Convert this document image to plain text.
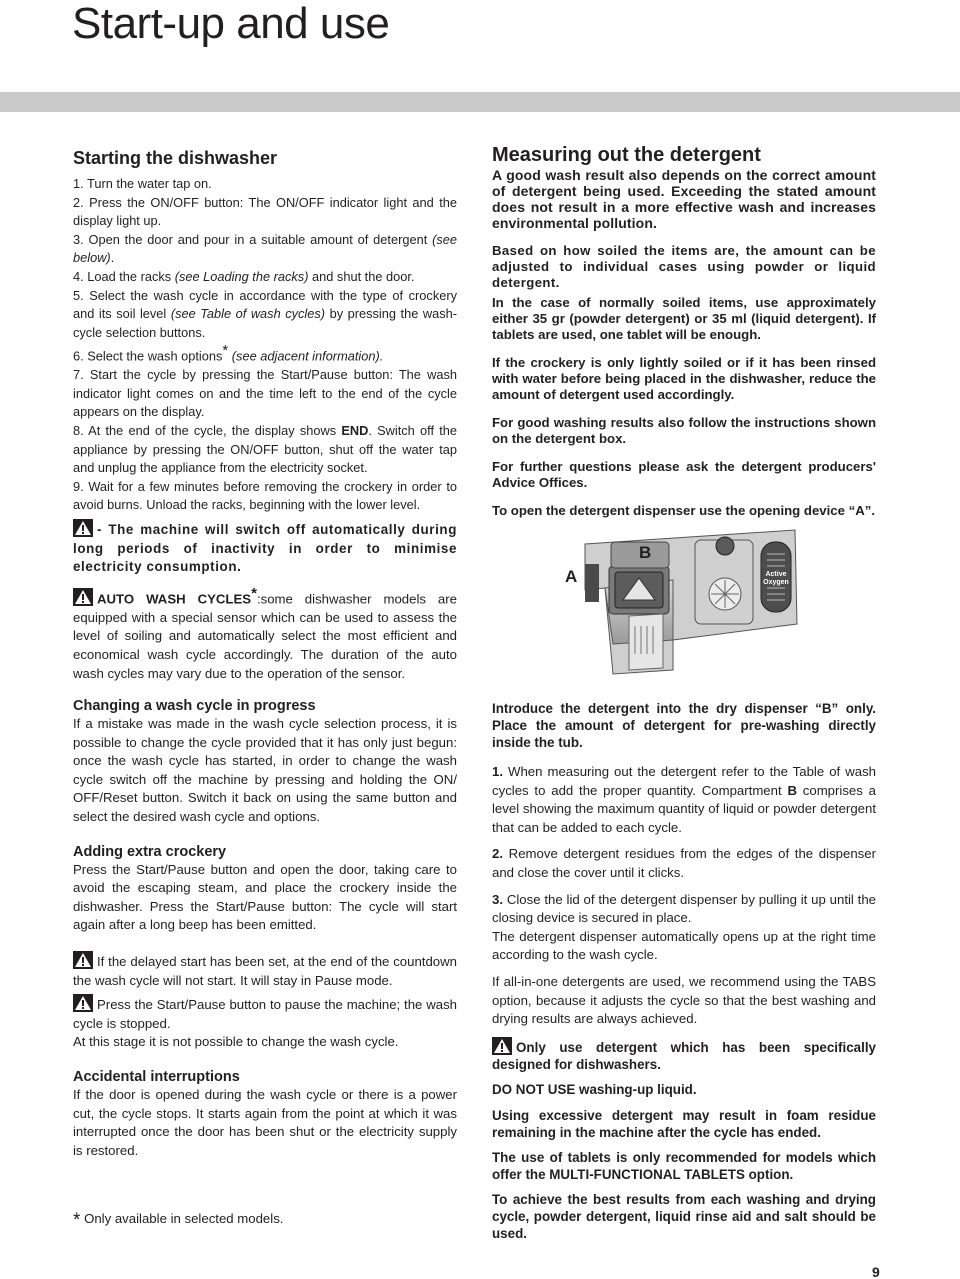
Start-up and use
Starting the dishwasher
1. Turn the water tap on.
2. Press the ON/OFF button: The ON/OFF indicator light and the display light up.
3. Open the door and pour in a suitable amount of detergent (see below).
4. Load the racks (see Loading the racks) and shut the door.
5. Select the wash cycle in accordance with the type of crockery and its soil level (see Table of wash cycles) by pressing the wash-cycle selection buttons.
6. Select the wash options* (see adjacent information).
7. Start the cycle by pressing the Start/Pause button: The wash indicator light comes on and the time left to the end of the cycle appears on the display.
8. At the end of the cycle, the display shows END. Switch off the appliance by pressing the ON/OFF button, shut off the water tap and unplug the appliance from the electricity socket.
9. Wait for a few minutes before removing the crockery in order to avoid burns. Unload the racks, beginning with the lower level.
- The machine will switch off automatically during long periods of inactivity in order to minimise electricity consumption.
AUTO WASH CYCLES*:some dishwasher models are equipped with a special sensor which can be used to assess the level of soiling and automatically select the most efficient and economical wash cycle accordingly. The duration of the auto wash cycles may vary due to the operation of the sensor.
Changing a wash cycle in progress
If a mistake was made in the wash cycle selection process, it is possible to change the cycle provided that it has only just begun: once the wash cycle has started, in order to change the wash cycle switch off the machine by pressing and holding the ON/ OFF/Reset button. Switch it back on using the same button and select the desired wash cycle and options.
Adding extra crockery
Press the Start/Pause button and open the door, taking care to avoid the escaping steam, and place the crockery inside the dishwasher. Press the Start/Pause button: The cycle will start again after a long beep has been emitted.
If the delayed start has been set, at the end of the countdown the wash cycle will not start. It will stay in Pause mode.
Press the Start/Pause button to pause the machine; the wash cycle is stopped.
At this stage it is not possible to change the wash cycle.
Accidental interruptions
If the door is opened during the wash cycle or there is a power cut, the cycle stops. It starts again from the point at which it was interrupted once the door has been shut or the electricity supply is restored.
* Only available in selected models.
Measuring out the detergent
A good wash result also depends on the correct amount of detergent being used. Exceeding the stated amount does not result in a more effective wash and increases environmental pollution.
Based on how soiled the items are, the amount can be adjusted to individual cases using powder or liquid detergent.
In the case of normally soiled items, use approximately either 35 gr (powder detergent) or 35 ml (liquid detergent). If tablets are used, one tablet will be enough.
If the crockery is only lightly soiled or if it has been rinsed with water before being placed in the dishwasher, reduce the amount of detergent used accordingly.
For good washing results also follow the instructions shown on the detergent box.
For further questions please ask the detergent producers' Advice Offices.
To open the detergent dispenser use the opening device “A”.
A
B
Active
Oxygen
Introduce the detergent into the dry dispenser “B” only. Place the amount of detergent for pre-washing directly inside the tub.
1. When measuring out the detergent refer to the Table of wash cycles to add the proper quantity. Compartment B comprises a level showing the maximum quantity of liquid or powder detergent that can be added to each cycle.
2. Remove detergent residues from the edges of the dispenser and close the cover until it clicks.
3. Close the lid of the detergent dispenser by pulling it up until the closing device is secured in place.
The detergent dispenser automatically opens up at the right time according to the wash cycle.
If all-in-one detergents are used, we recommend using the TABS option, because it adjusts the cycle so that the best washing and drying results are always achieved.
Only use detergent which has been specifically designed for dishwashers.
DO NOT USE washing-up liquid.
Using excessive detergent may result in foam residue remaining in the machine after the cycle has ended.
The use of tablets is only recommended for models which offer the MULTI-FUNCTIONAL TABLETS option.
To achieve the best results from each washing and drying cycle, powder detergent, liquid rinse aid and salt should be used.
9
